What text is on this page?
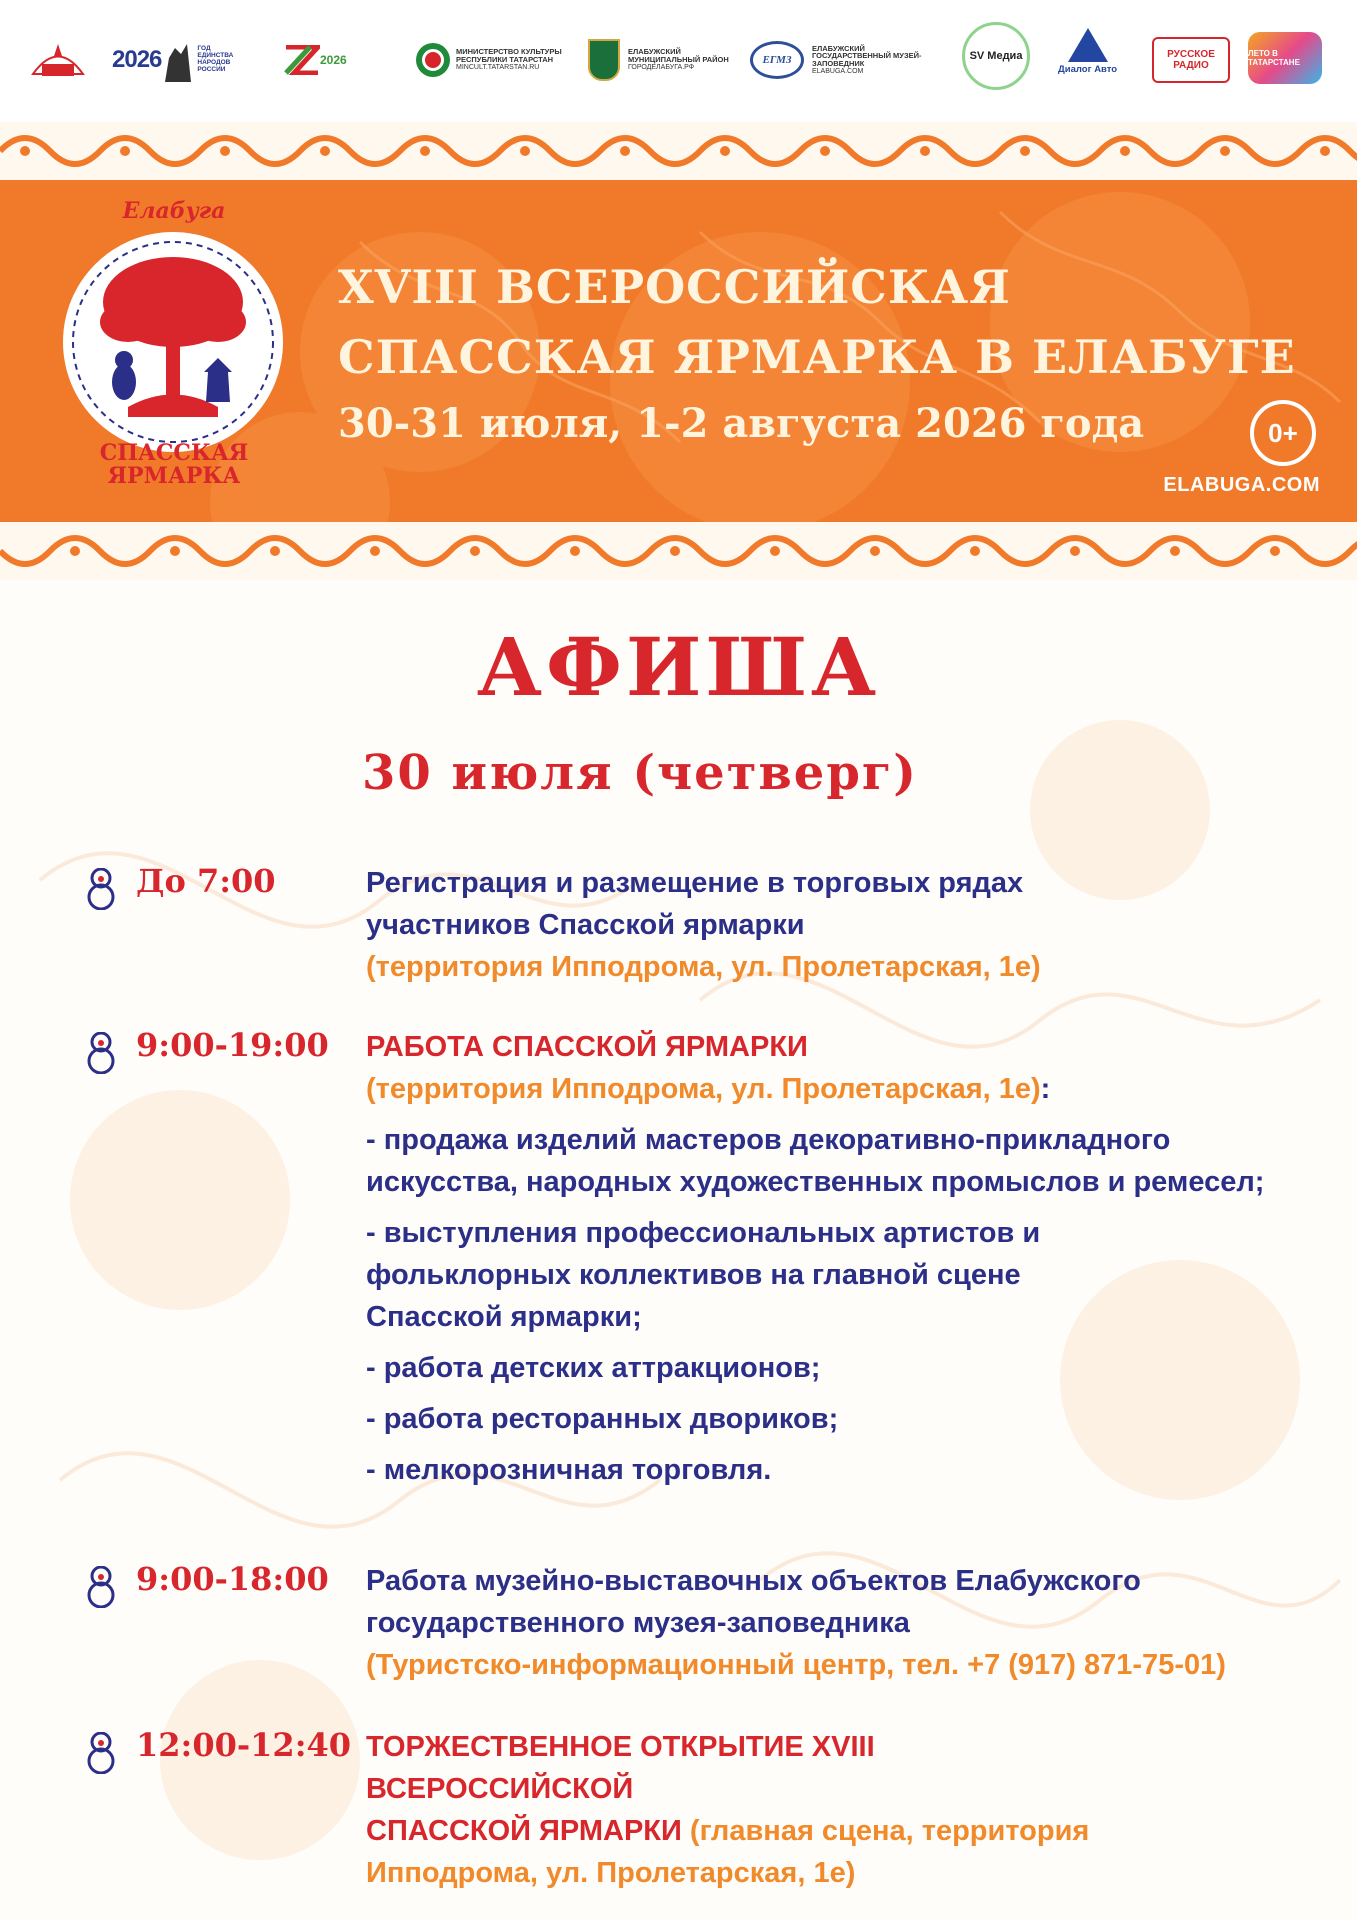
2026	ГОД ЕДИНСТВА НАРОДОВ РОССИИ
2026
МИНИСТЕРСТВО КУЛЬТУРЫ РЕСПУБЛИКИ ТАТАРСТАН
MINCULT.TATARSTAN.RU
ЕЛАБУЖСКИЙ МУНИЦИПАЛЬНЫЙ РАЙОН
ГОРОДЕЛАБУГА.РФ
ЕГМЗ
ЕЛАБУЖСКИЙ ГОСУДАРСТВЕННЫЙ МУЗЕЙ-ЗАПОВЕДНИК
ELABUGA.COM
SV Медиа
Диалог Авто
РУССКОЕ РАДИО
ЛЕТО В ТАТАРСТАНЕ
Елабуга
СПАССКАЯ ЯРМАРКА
XVIII ВСЕРОССИЙСКАЯ
СПАССКАЯ ЯРМАРКА В ЕЛАБУГЕ
30-31 июля, 1-2 августа 2026 года	0+
ELABUGA.COM
АФИША
30 июля (четверг)
До 7:00	Регистрация и размещение в торговых рядах
участников Спасской ярмарки
(территория Ипподрома, ул. Пролетарская, 1е)
9:00-19:00 РАБОТА СПАССКОЙ ЯРМАРКИ
(территория Ипподрома, ул. Пролетарская, 1е):
- продажа изделий мастеров декоративно-прикладного искусства, народных художественных промыслов и ремесел;
- выступления профессиональных артистов и фольклорных коллективов на главной сцене Спасской ярмарки;
- работа детских аттракционов;
- работа ресторанных двориков;
- мелкорозничная торговля.
9:00-18:00 Работа музейно-выставочных объектов Елабужского
государственного музея-заповедника
(Туристско-информационный центр, тел. +7 (917) 871-75-01)
12:00-12:40 ТОРЖЕСТВЕННОЕ ОТКРЫТИЕ XVIII ВСЕРОССИЙСКОЙ
СПАССКОЙ ЯРМАРКИ (главная сцена, территория Ипподрома, ул. Пролетарская, 1е)
